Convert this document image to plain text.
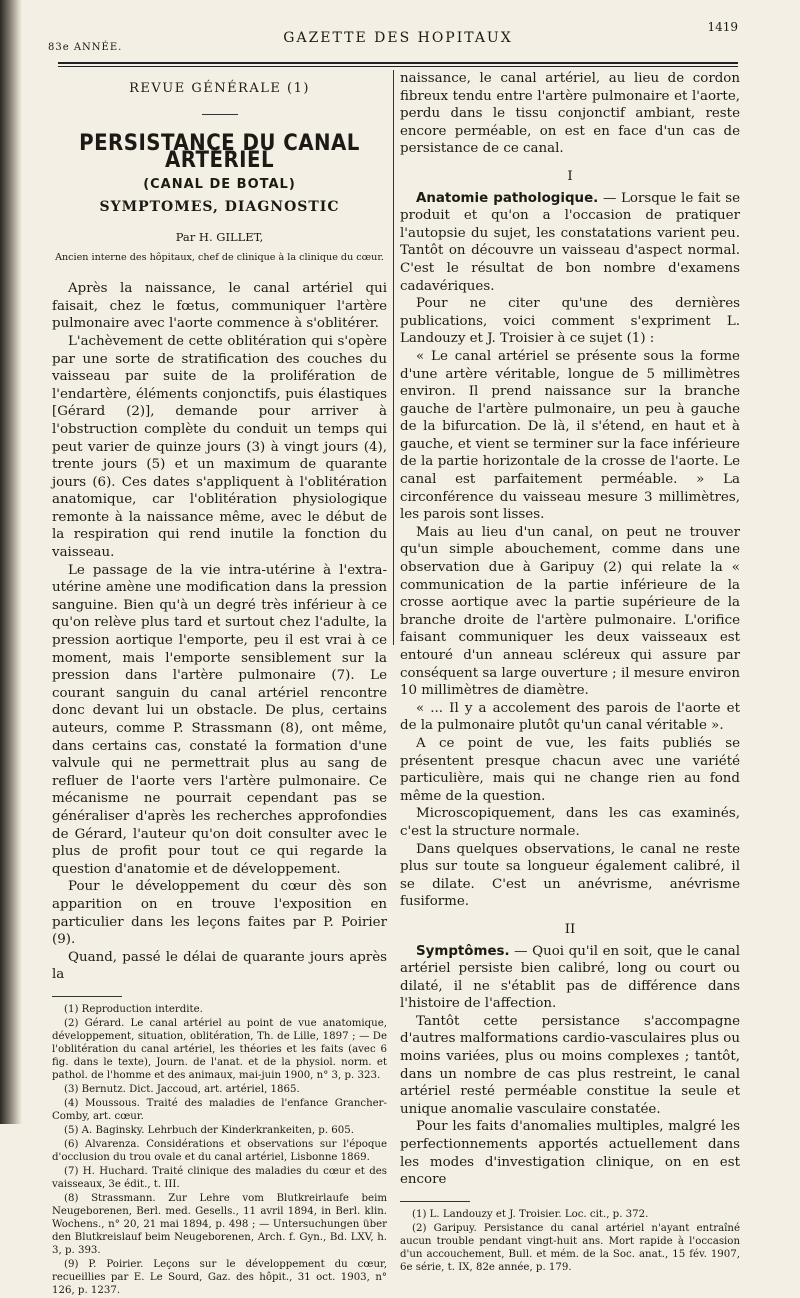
83e ANNÉE.
GAZETTE DES HOPITAUX
1419
REVUE GÉNÉRALE (1)
PERSISTANCE DU CANAL ARTÉRIEL
(CANAL DE BOTAL)
SYMPTOMES, DIAGNOSTIC
Par H. GILLET,
Ancien interne des hôpitaux, chef de clinique à la clinique du cœur.

Après la naissance, le canal artériel qui faisait, chez le fœtus, communiquer l'artère pulmonaire avec l'aorte commence à s'oblitérer.

L'achèvement de cette oblitération qui s'opère par une sorte de stratification des couches du vaisseau par suite de la prolifération de l'endartère, éléments conjonctifs, puis élastiques [Gérard (2)], demande pour arriver à l'obstruction complète du conduit un temps qui peut varier de quinze jours (3) à vingt jours (4), trente jours (5) et un maximum de quarante jours (6). Ces dates s'appliquent à l'oblitération anatomique, car l'oblitération physiologique remonte à la naissance même, avec le début de la respiration qui rend inutile la fonction du vaisseau.

Le passage de la vie intra-utérine à l'extra-utérine amène une modification dans la pression sanguine. Bien qu'à un degré très inférieur à ce qu'on relève plus tard et surtout chez l'adulte, la pression aortique l'emporte, peu il est vrai à ce moment, mais l'emporte sensiblement sur la pression dans l'artère pulmonaire (7). Le courant sanguin du canal artériel rencontre donc devant lui un obstacle. De plus, certains auteurs, comme P. Strassmann (8), ont même, dans certains cas, constaté la formation d'une valvule qui ne permettrait plus au sang de refluer de l'aorte vers l'artère pulmonaire. Ce mécanisme ne pourrait cependant pas se généraliser d'après les recherches approfondies de Gérard, l'auteur qu'on doit consulter avec le plus de profit pour tout ce qui regarde la question d'anatomie et de développement.

Pour le développement du cœur dès son apparition on en trouve l'exposition en particulier dans les leçons faites par P. Poirier (9).

Quand, passé le délai de quarante jours après la

(1) Reproduction interdite.

(2) Gérard. Le canal artériel au point de vue anatomique, développement, situation, oblitération, Th. de Lille, 1897 ; — De l'oblitération du canal artériel, les théories et les faits (avec 6 fig. dans le texte), Journ. de l'anat. et de la physiol. norm. et pathol. de l'homme et des animaux, mai-juin 1900, n° 3, p. 323.

(3) Bernutz. Dict. Jaccoud, art. artériel, 1865.

(4) Moussous. Traité des maladies de l'enfance Grancher-Comby, art. cœur.

(5) A. Baginsky. Lehrbuch der Kinderkrankeiten, p. 605.

(6) Alvarenza. Considérations et observations sur l'époque d'occlusion du trou ovale et du canal artériel, Lisbonne 1869.

(7) H. Huchard. Traité clinique des maladies du cœur et des vaisseaux, 3e édit., t. III.

(8) Strassmann. Zur Lehre vom Blutkreirlaufe beim Neugeborenen, Berl. med. Gesells., 11 avril 1894, in Berl. klin. Wochens., n° 20, 21 mai 1894, p. 498 ; — Untersuchungen über den Blutkreislauf beim Neugeborenen, Arch. f. Gyn., Bd. LXV, h. 3, p. 393.

(9) P. Poirier. Leçons sur le développement du cœur, recueillies par E. Le Sourd, Gaz. des hôpit., 31 oct. 1903, n° 126, p. 1237.

naissance, le canal artériel, au lieu de cordon fibreux tendu entre l'artère pulmonaire et l'aorte, perdu dans le tissu conjonctif ambiant, reste encore perméable, on est en face d'un cas de persistance de ce canal.

I

Anatomie pathologique. — Lorsque le fait se produit et qu'on a l'occasion de pratiquer l'autopsie du sujet, les constatations varient peu. Tantôt on découvre un vaisseau d'aspect normal. C'est le résultat de bon nombre d'examens cadavériques.

Pour ne citer qu'une des dernières publications, voici comment s'expriment L. Landouzy et J. Troisier à ce sujet (1) :

« Le canal artériel se présente sous la forme d'une artère véritable, longue de 5 millimètres environ. Il prend naissance sur la branche gauche de l'artère pulmonaire, un peu à gauche de la bifurcation. De là, il s'étend, en haut et à gauche, et vient se terminer sur la face inférieure de la partie horizontale de la crosse de l'aorte. Le canal est parfaitement perméable. » La circonférence du vaisseau mesure 3 millimètres, les parois sont lisses.

Mais au lieu d'un canal, on peut ne trouver qu'un simple abouchement, comme dans une observation due à Garipuy (2) qui relate la « communication de la partie inférieure de la crosse aortique avec la partie supérieure de la branche droite de l'artère pulmonaire. L'orifice faisant communiquer les deux vaisseaux est entouré d'un anneau scléreux qui assure par conséquent sa large ouverture ; il mesure environ 10 millimètres de diamètre.

« ... Il y a accolement des parois de l'aorte et de la pulmonaire plutôt qu'un canal véritable ».

A ce point de vue, les faits publiés se présentent presque chacun avec une variété particulière, mais qui ne change rien au fond même de la question.

Microscopiquement, dans les cas examinés, c'est la structure normale.

Dans quelques observations, le canal ne reste plus sur toute sa longueur également calibré, il se dilate. C'est un anévrisme, anévrisme fusiforme.

II

Symptômes. — Quoi qu'il en soit, que le canal artériel persiste bien calibré, long ou court ou dilaté, il ne s'établit pas de différence dans l'histoire de l'affection.

Tantôt cette persistance s'accompagne d'autres malformations cardio-vasculaires plus ou moins variées, plus ou moins complexes ; tantôt, dans un nombre de cas plus restreint, le canal artériel resté perméable constitue la seule et unique anomalie vasculaire constatée.

Pour les faits d'anomalies multiples, malgré les perfectionnements apportés actuellement dans les modes d'investigation clinique, on en est encore

(1) L. Landouzy et J. Troisier. Loc. cit., p. 372.

(2) Garipuy. Persistance du canal artériel n'ayant entraîné aucun trouble pendant vingt-huit ans. Mort rapide à l'occasion d'un accouchement, Bull. et mém. de la Soc. anat., 15 fév. 1907, 6e série, t. IX, 82e année, p. 179.
